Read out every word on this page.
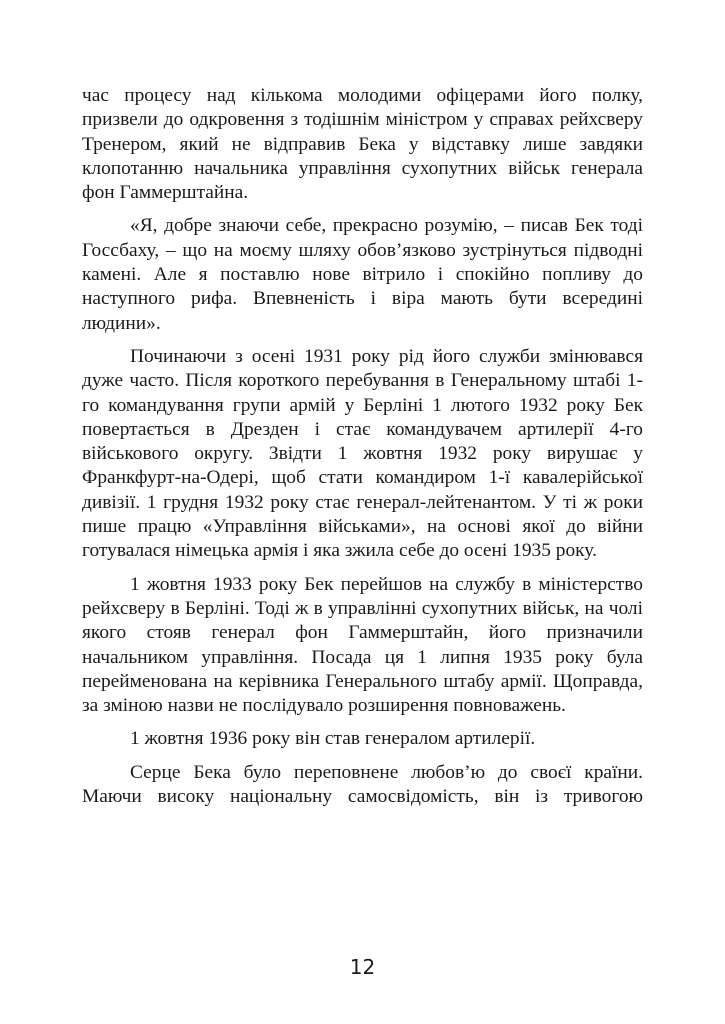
час процесу над кількома молодими офіцерами його полку, призвели до одкровення з тодішнім міністром у справах рейхсверу Тренером, який не відправив Бека у відставку лише завдяки клопотанню начальника управління сухопутних військ генерала фон Гаммерштайна.

«Я, добре знаючи себе, прекрасно розумію, – писав Бек тоді Госсбаху, – що на моєму шляху обов’язково зустрінуться підводні камені. Але я поставлю нове вітрило і спокійно попливу до наступного рифа. Впевненість і віра мають бути всередині людини».

Починаючи з осені 1931 року рід його служби змінювався дуже часто. Після короткого перебування в Генеральному штабі 1-го командування групи армій у Берліні 1 лютого 1932 року Бек повертається в Дрезден і стає командувачем артилерії 4-го військового округу. Звідти 1 жовтня 1932 року вирушає у Франкфурт-на-Одері, щоб стати командиром 1-ї кавалерійської дивізії. 1 грудня 1932 року стає генерал-лейтенантом. У ті ж роки пише працю «Управління військами», на основі якої до війни готувалася німецька армія і яка зжила себе до осені 1935 року.

1 жовтня 1933 року Бек перейшов на службу в міністерство рейхсверу в Берліні. Тоді ж в управлінні сухопутних військ, на чолі якого стояв генерал фон Гаммерштайн, його призначили начальником управління. Посада ця 1 липня 1935 року була перейменована на керівника Генерального штабу армії. Щоправда, за зміною назви не послідувало розширення повноважень.

1 жовтня 1936 року він став генералом артилерії.

Серце Бека було переповнене любов’ю до своєї країни. Маючи високу національну самосвідомість, він із тривогою

12
